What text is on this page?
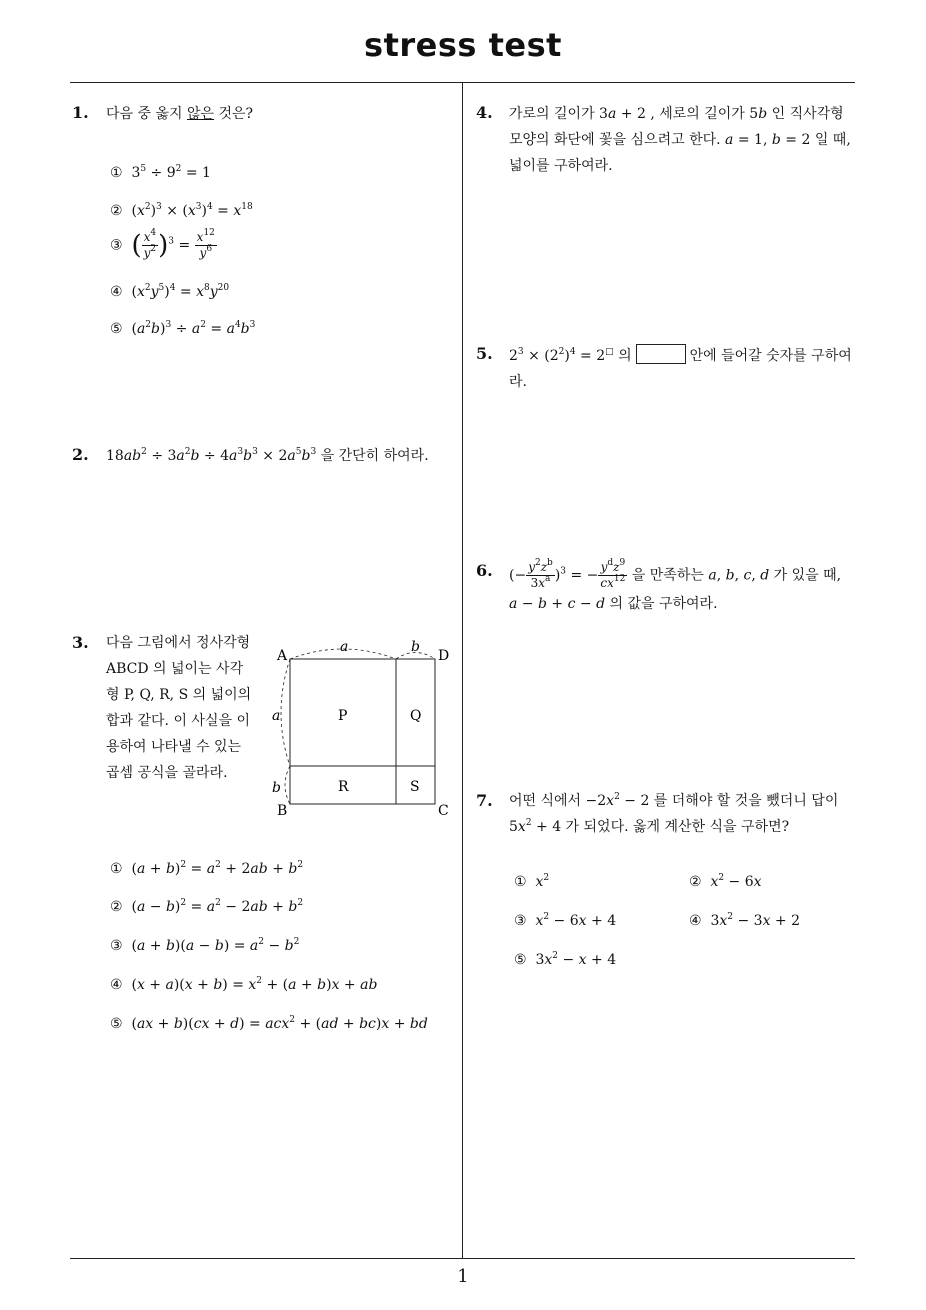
stress test
1
1. 다음 중 옳지 않은 것은?
①  $3^5 \div 9^2 = 1$
②  $(x^2)^3 \times (x^3)^4 = x^{18}$
③ ( $\frac{x^4}{y^2} )^3 = \frac{x^{12}}{y^6}$
④  $(x^2y^5)^4 = x^8y^{20}$
⑤  $(a^2b)^3 \div a^2 = a^4b^3$
2. $18ab^2 \div 3a^2b \div 4a^3b^3 \times 2a^5b^3$ 을 간단히 하여라.
3. 다음 그림에서 정사각형 ABCD 의 넓이는 사각형 P, Q, R, S 의 넓이의 합과 같다. 이 사실을 이용하여 나타낼 수 있는 곱셈 공식을 골라라.
A	D
B	C
a	b
a
b
P	Q
R	S
①  $(a + b)^2 = a^2 + 2ab + b^2$
②  $(a - b)^2 = a^2 - 2ab + b^2$
③  $(a + b)(a - b) = a^2 - b^2$
④  $(x + a)(x + b) = x^2 + (a + b)x$ + ab
⑤  (ax + b)(cx + d) = acx$^2$ + (ad + bc)x + bd
4. 가로의 길이가 3a + 2 , 세로의 길이가 5b 인 직사각형 모양의 화단에 꽃을 심으려고 한다. a = 1, b = 2 일 때, 넓이를 구하여라.
5. $2^3 \times (2^2)^4 = 2^□$ 의	안에 들어갈 숫자를 구하여라.
6. (− $\frac{y^2z^b}{3x^a} )^3$ = − $\frac{y^dz^9}{cx^{12}}$ 을 만족하는 a, b, c, d 가 있을 때,
a − b + c − d 의 값을 구하여라.
7. 어떤 식에서 $-2x^2 - 2$ 를 더해야 할 것을 뺐더니 답이 $5x^2 + 4$ 가 되었다. 옳게 계산한 식을 구하면?
① $x^2$	② $x^2 - 6x$
③ $x^2 - 6x + 4$	④  $3x^2 - 3x + 2$
⑤  $3x^2 - x + 4$
